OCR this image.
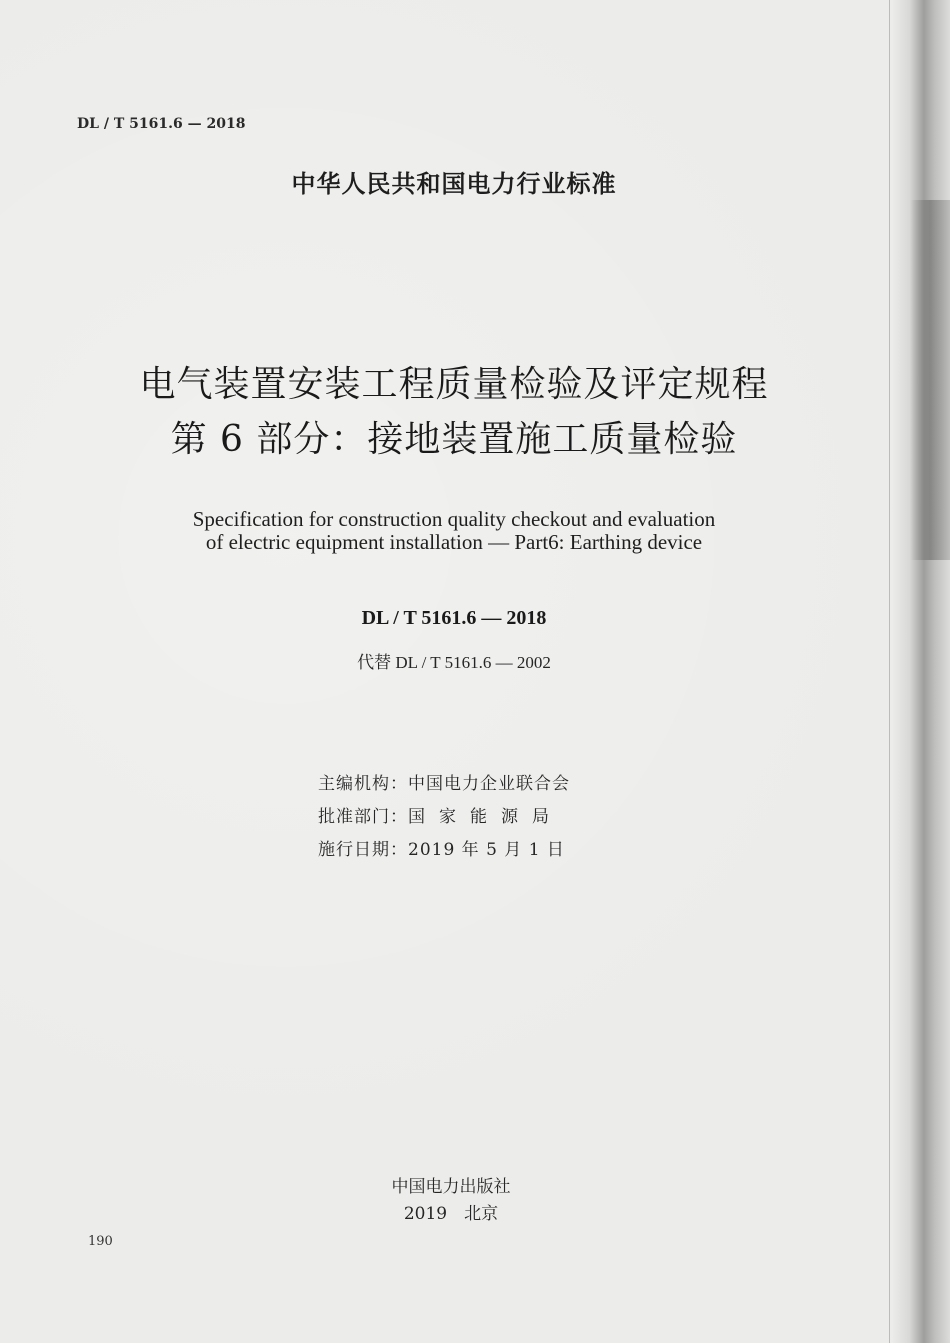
DL / T 5161.6 — 2018
中华人民共和国电力行业标准
电气装置安装工程质量检验及评定规程
第 6 部分：接地装置施工质量检验
Specification for construction quality checkout and evaluation
of electric equipment installation — Part6: Earthing device
DL / T 5161.6 — 2018
代替 DL / T 5161.6 — 2002
主编机构：中国电力企业联合会
批准部门：国家能源局
施行日期：2019 年 5 月 1 日
中国电力出版社
2019　北京
190
